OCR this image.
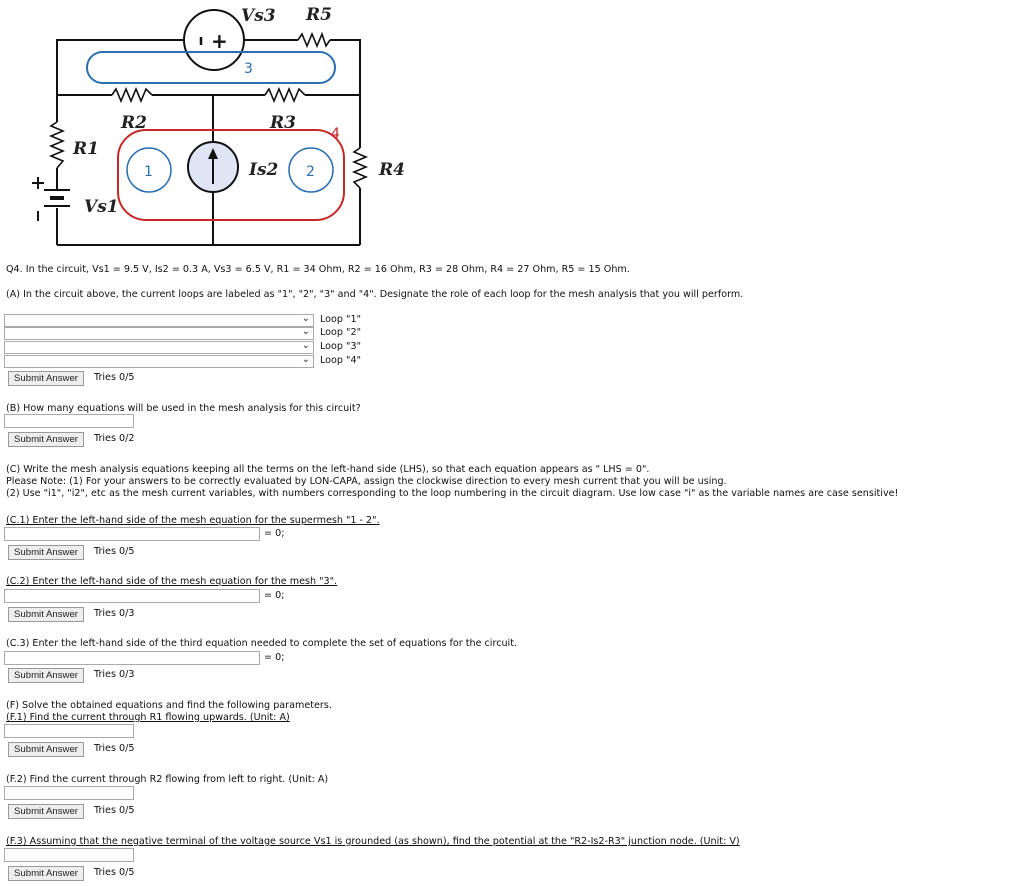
+
1	2
3
4
Vs3 R5
R2	R3
R1
R4
Is2
Vs1
Q4. In the circuit, Vs1 = 9.5 V, Is2 = 0.3 A, Vs3 = 6.5 V, R1 = 34 Ohm, R2 = 16 Ohm, R3 = 28 Ohm, R4 = 27 Ohm, R5 = 15 Ohm.
(A) In the circuit above, the current loops are labeled as "1", "2", "3" and "4". Designate the role of each loop for the mesh analysis that you will perform.
⌄ Loop "1"
⌄ Loop "2"
⌄ Loop "3"
⌄ Loop "4"
Submit Answer	Tries 0/5
(B) How many equations will be used in the mesh analysis for this circuit?
Submit Answer	Tries 0/2
(C) Write the mesh analysis equations keeping all the terms on the left-hand side (LHS), so that each equation appears as " LHS = 0".
Please Note: (1) For your answers to be correctly evaluated by LON-CAPA, assign the clockwise direction to every mesh current that you will be using.
(2) Use "i1", "i2", etc as the mesh current variables, with numbers corresponding to the loop numbering in the circuit diagram. Use low case "i" as the variable names are case sensitive!
(C.1) Enter the left-hand side of the mesh equation for the supermesh "1 - 2".
= 0;
Submit Answer	Tries 0/5
(C.2) Enter the left-hand side of the mesh equation for the mesh "3".
= 0;
Submit Answer	Tries 0/3
(C.3) Enter the left-hand side of the third equation needed to complete the set of equations for the circuit.
= 0;
Submit Answer	Tries 0/3
(F) Solve the obtained equations and find the following parameters.
(F.1) Find the current through R1 flowing upwards. (Unit: A)
Submit Answer	Tries 0/5
(F.2) Find the current through R2 flowing from left to right. (Unit: A)
Submit Answer	Tries 0/5
(F.3) Assuming that the negative terminal of the voltage source Vs1 is grounded (as shown), find the potential at the "R2-Is2-R3" junction node. (Unit: V)
Submit Answer	Tries 0/5
